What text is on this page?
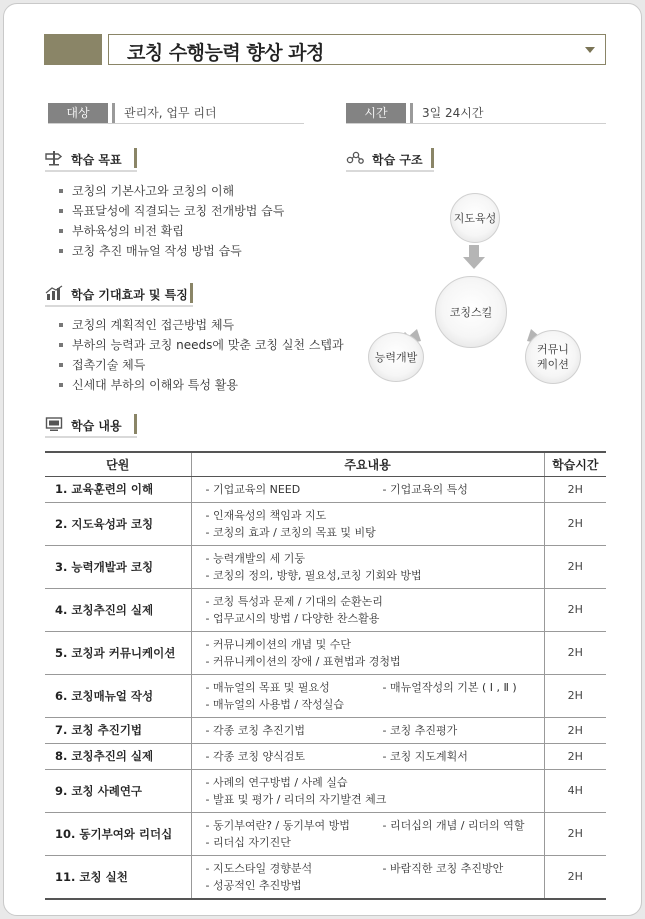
코칭 수행능력 향상 과정
대상	관리자, 업무 리더	시간	3일 24시간
학습 목표
코칭의 기본사고와 코칭의 이해
목표달성에 직결되는 코칭 전개방법 습득
부하육성의 비전 확립
코칭 추진 매뉴얼 작성 방법 습득
학습 기대효과 및 특징
코칭의 계획적인 접근방법 체득
부하의 능력과 코칭 needs에 맞춘 코칭 실천 스텝과
접촉기술 체득
신세대 부하의 이해와 특성 활용
학습 구조
지도육성
코칭스킬
능력개발
커뮤니
케이션
학습 내용
단원	주요내용	학습시간
1. 교육훈련의 이해	- 기업교육의 NEED - 기업교육의 특성	2H
2. 지도육성과 코칭	- 인재육성의 책임과 지도
- 코칭의 효과 / 코칭의 목표 및 비탕	2H
3. 능력개발과 코칭	- 능력개발의 세 기둥
- 코칭의 정의, 방향, 필요성,코칭 기회와 방법	2H
4. 코칭추진의 실제	- 코칭 특성과 문제 / 기대의 순환논리
- 업무교시의 방법 / 다양한 찬스활용	2H
5. 코칭과 커뮤니케이션	- 커뮤니케이션의 개념 및 수단
- 커뮤니케이션의 장애 / 표현법과 경청법	2H
6. 코칭매뉴얼 작성	- 매뉴얼의 목표 및 필요성 - 매뉴얼작성의 기본 ( Ⅰ , Ⅱ )
- 매뉴얼의 사용법 / 작성실습	2H
7. 코칭 추진기법	- 각종 코칭 추진기법 - 코칭 추진평가	2H
8. 코칭추진의 실제	- 각종 코칭 양식검토 - 코칭 지도계획서	2H
9. 코칭 사례연구	- 사례의 연구방법 / 사례 실습
- 발표 및 평가 / 리더의 자기발견 체크	4H
10. 동기부여와 리더십	- 동기부여란? / 동기부여 방법 - 리더십의 개념 / 리더의 역할
- 리더십 자기진단	2H
11. 코칭 실천	- 지도스타일 경향분석 - 바람직한 코칭 추진방안
- 성공적인 추진방법	2H
